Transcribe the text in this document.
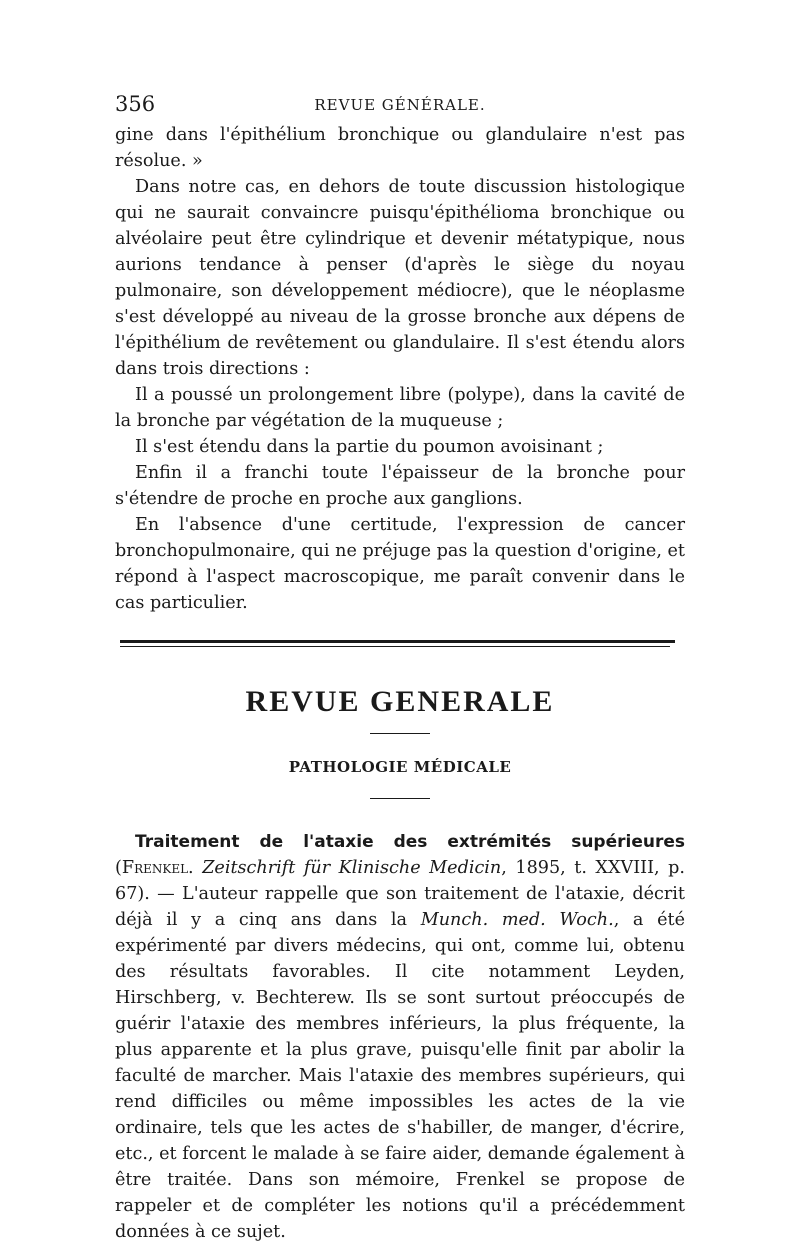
356	REVUE GÉNÉRALE.

gine dans l'épithélium bronchique ou glandulaire n'est pas résolue. »

Dans notre cas, en dehors de toute discussion histologique qui ne saurait convaincre puisqu'épithélioma bronchique ou alvéolaire peut être cylindrique et devenir métatypique, nous aurions tendance à penser (d'après le siège du noyau pulmonaire, son développement médiocre), que le néoplasme s'est développé au niveau de la grosse bronche aux dépens de l'épithélium de revêtement ou glandulaire. Il s'est étendu alors dans trois directions :

Il a poussé un prolongement libre (polype), dans la cavité de la bronche par végétation de la muqueuse ;

Il s'est étendu dans la partie du poumon avoisinant ;

Enfin il a franchi toute l'épaisseur de la bronche pour s'étendre de proche en proche aux ganglions.

En l'absence d'une certitude, l'expression de cancer bronchopulmonaire, qui ne préjuge pas la question d'origine, et répond à l'aspect macroscopique, me paraît convenir dans le cas particulier.

REVUE GENERALE
PATHOLOGIE MÉDICALE

Traitement de l'ataxie des extrémités supérieures (Frenkel. Zeitschrift für Klinische Medicin, 1895, t. XXVIII, p. 67). — L'auteur rappelle que son traitement de l'ataxie, décrit déjà il y a cinq ans dans la Munch. med. Woch., a été expérimenté par divers médecins, qui ont, comme lui, obtenu des résultats favorables. Il cite notamment Leyden, Hirschberg, v. Bechterew. Ils se sont surtout préoccupés de guérir l'ataxie des membres inférieurs, la plus fréquente, la plus apparente et la plus grave, puisqu'elle finit par abolir la faculté de marcher. Mais l'ataxie des membres supérieurs, qui rend difficiles ou même impossibles les actes de la vie ordinaire, tels que les actes de s'habiller, de manger, d'écrire, etc., et forcent le malade à se faire aider, demande également à être traitée. Dans son mémoire, Frenkel se propose de rappeler et de compléter les notions qu'il a précédemment données à ce sujet.
